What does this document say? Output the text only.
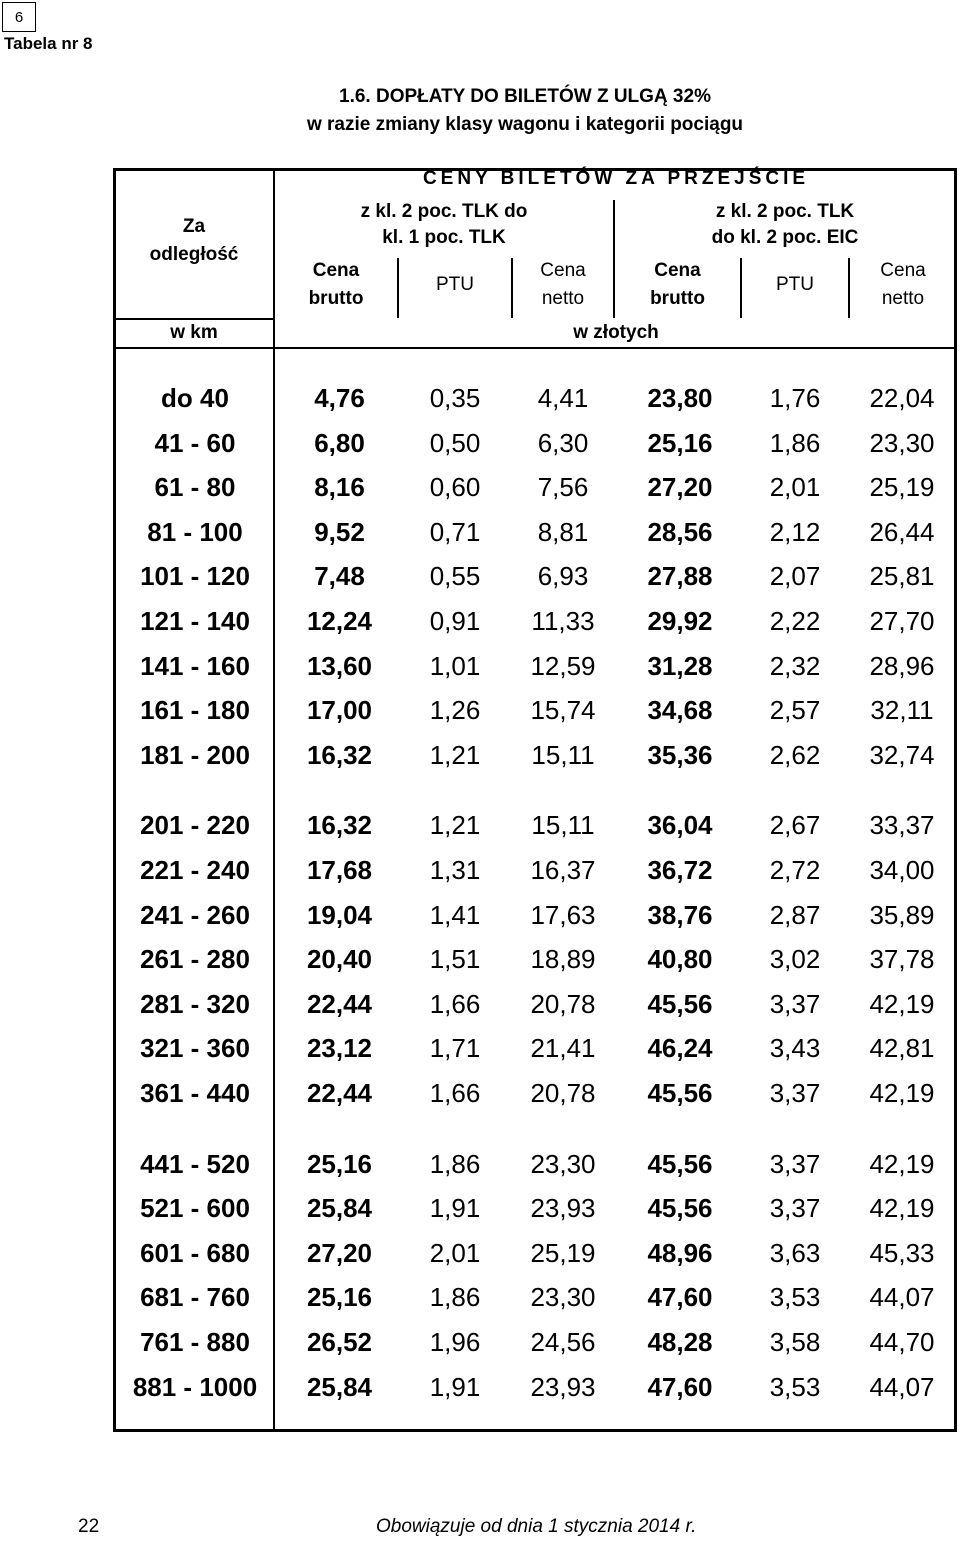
6
Tabela nr 8
1.6. DOPŁATY DO BILETÓW Z ULGĄ 32%
w razie zmiany klasy wagonu i kategorii pociągu
Za
odległość
w km
CENY BILETÓW ZA PRZEJŚCIE
z kl. 2 poc. TLK do
kl. 1 poc. TLK
z kl. 2 poc. TLK
do kl. 2 poc. EIC
Cena
brutto
PTU
Cena
netto
Cena
brutto
PTU
Cena
netto
w złotych
do 40	4,76	0,35	4,41	23,80	1,76	22,04
41 - 60	6,80	0,50	6,30	25,16	1,86	23,30
61 - 80	8,16	0,60	7,56	27,20	2,01	25,19
81 - 100	9,52	0,71	8,81	28,56	2,12	26,44
101 - 120	7,48	0,55	6,93	27,88	2,07	25,81
121 - 140	12,24	0,91	11,33	29,92	2,22	27,70
141 - 160	13,60	1,01	12,59	31,28	2,32	28,96
161 - 180	17,00	1,26	15,74	34,68	2,57	32,11
181 - 200	16,32	1,21	15,11	35,36	2,62	32,74
201 - 220	16,32	1,21	15,11	36,04	2,67	33,37
221 - 240	17,68	1,31	16,37	36,72	2,72	34,00
241 - 260	19,04	1,41	17,63	38,76	2,87	35,89
261 - 280	20,40	1,51	18,89	40,80	3,02	37,78
281 - 320	22,44	1,66	20,78	45,56	3,37	42,19
321 - 360	23,12	1,71	21,41	46,24	3,43	42,81
361 - 440	22,44	1,66	20,78	45,56	3,37	42,19
441 - 520	25,16	1,86	23,30	45,56	3,37	42,19
521 - 600	25,84	1,91	23,93	45,56	3,37	42,19
601 - 680	27,20	2,01	25,19	48,96	3,63	45,33
681 - 760	25,16	1,86	23,30	47,60	3,53	44,07
761 - 880	26,52	1,96	24,56	48,28	3,58	44,70
881 - 1000	25,84	1,91	23,93	47,60	3,53	44,07
22	Obowiązuje od dnia 1 stycznia 2014 r.
